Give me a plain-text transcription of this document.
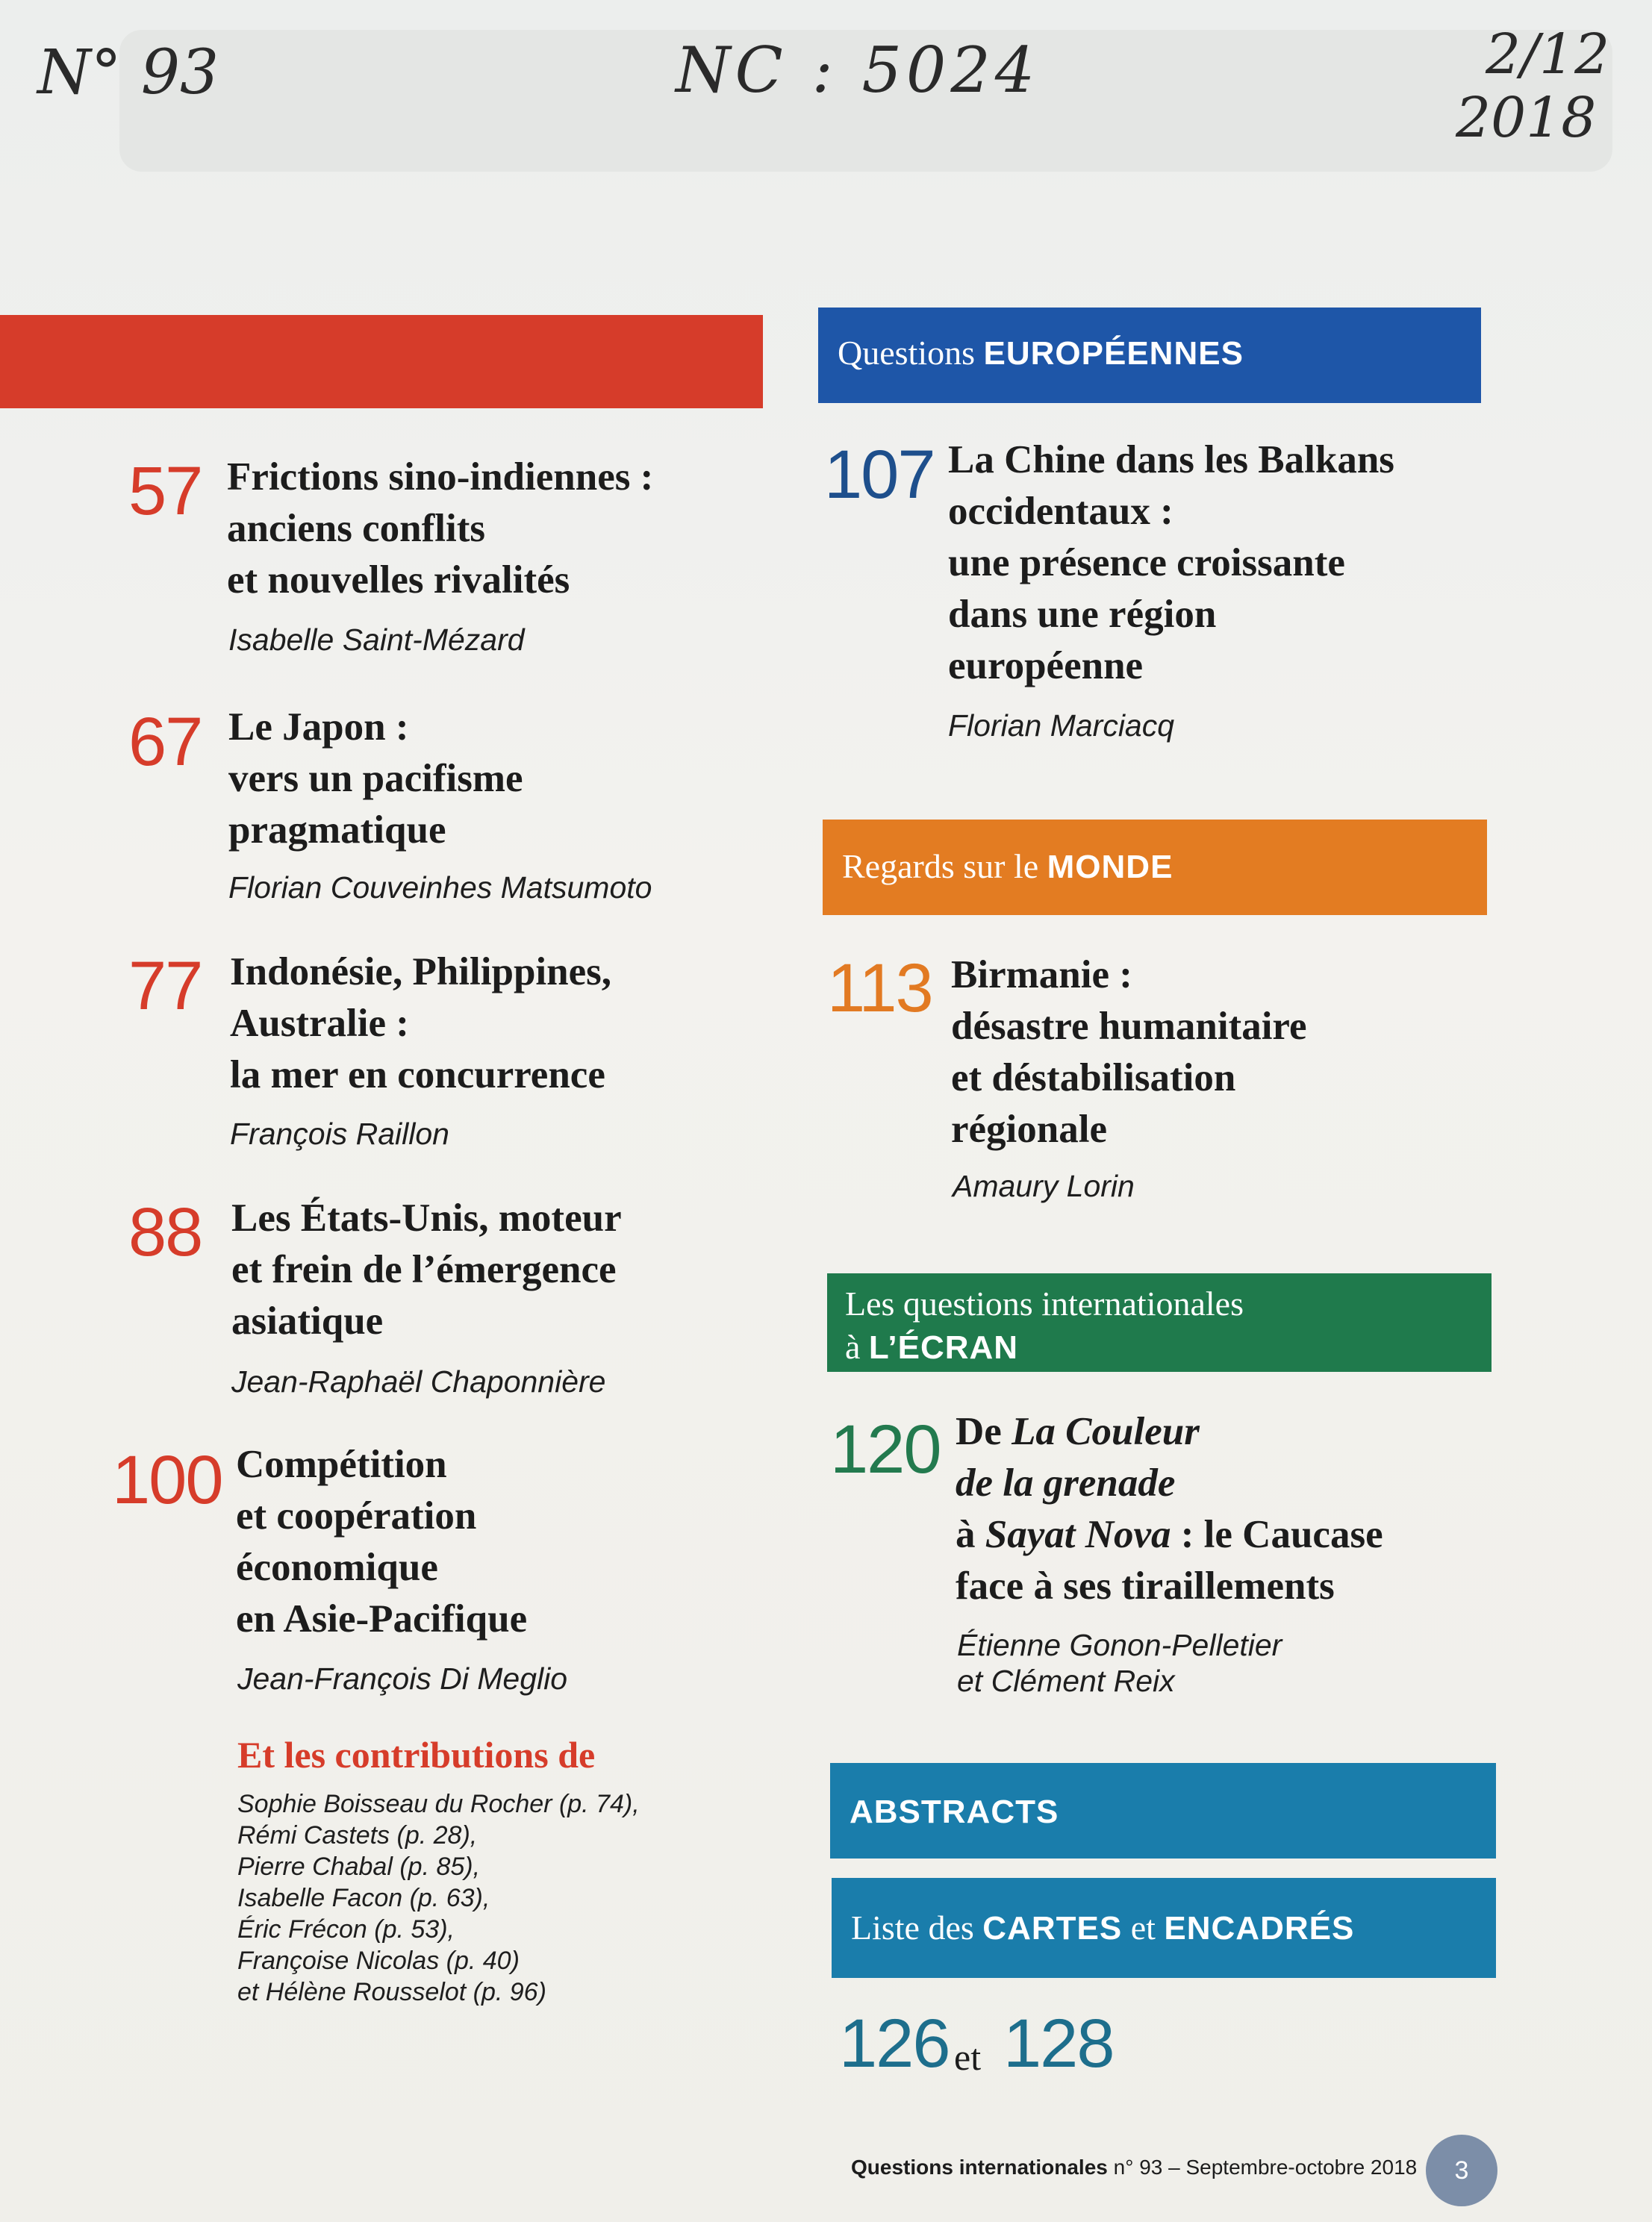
N° 93	NC : 5024	2/12
2018
57 Frictions sino-indiennes :
anciens conflits
et nouvelles rivalités
Isabelle Saint-Mézard
67 Le Japon :
vers un pacifisme
pragmatique
Florian Couveinhes Matsumoto
77 Indonésie, Philippines,
Australie :
la mer en concurrence
François Raillon
88 Les États-Unis, moteur
et frein de l’émergence
asiatique
Jean-Raphaël Chaponnière
100 Compétition
et coopération
économique
en Asie-Pacifique
Jean-François Di Meglio
Et les contributions de
Sophie Boisseau du Rocher (p. 74),
Rémi Castets (p. 28),
Pierre Chabal (p. 85),
Isabelle Facon (p. 63),
Éric Frécon (p. 53),
Françoise Nicolas (p. 40)
et Hélène Rousselot (p. 96)
Questions EUROPÉENNES
107 La Chine dans les Balkans
occidentaux :
une présence croissante
dans une région
européenne
Florian Marciacq
Regards sur le MONDE
113 Birmanie :
désastre humanitaire
et déstabilisation
régionale
Amaury Lorin
Les questions internationales
à L’ÉCRAN
120 De La Couleur
de la grenade
à Sayat Nova : le Caucase
face à ses tiraillements
Étienne Gonon-Pelletier
et Clément Reix
ABSTRACTS
Liste des CARTES et ENCADRÉS
126 et 128
Questions internationales n° 93 – Septembre-octobre 2018	3
